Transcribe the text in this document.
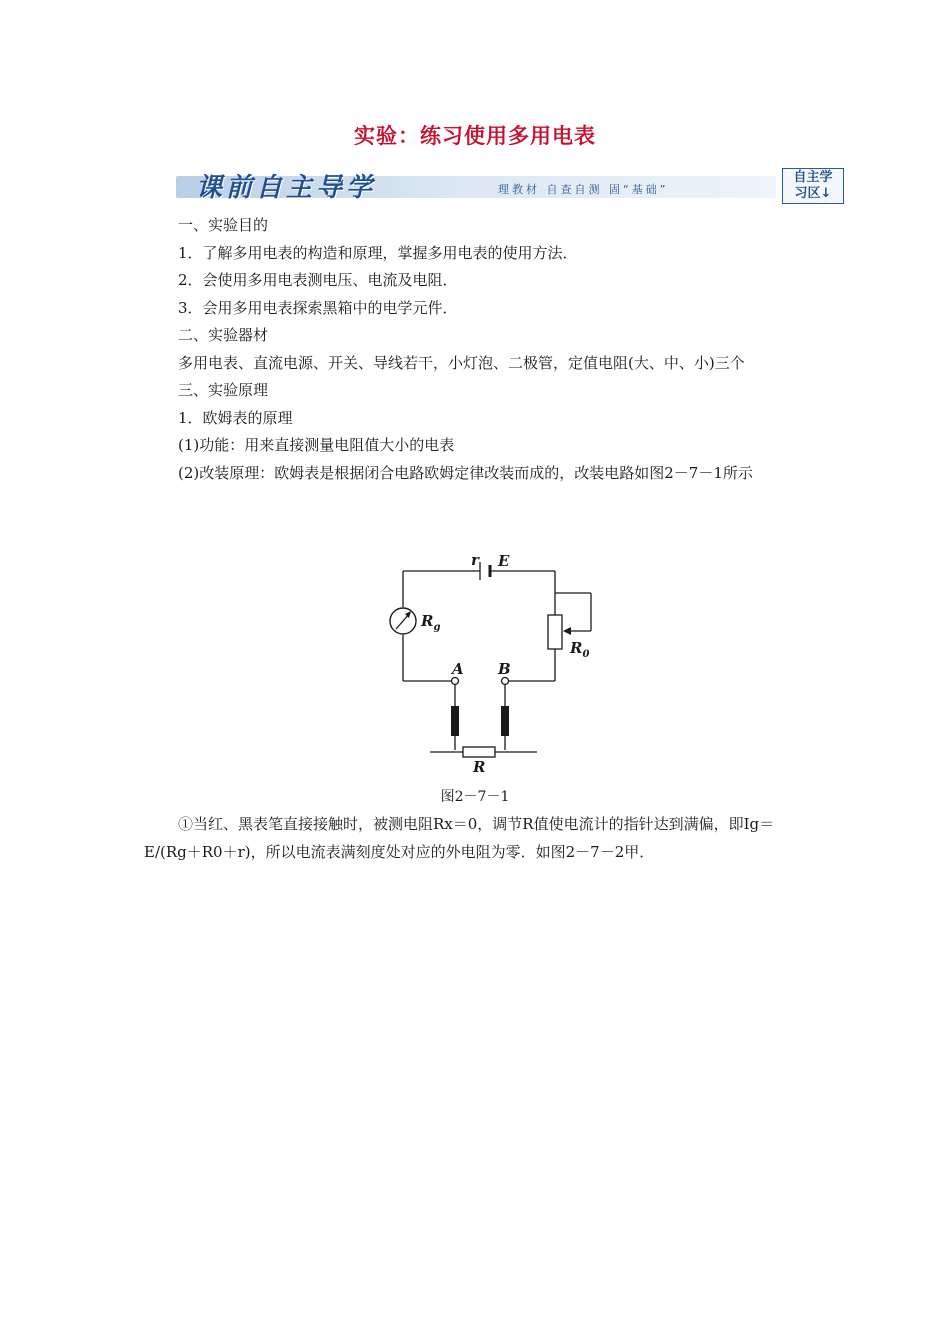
实验：练习使用多用电表
课前自主导学	理教材 自查自测 固“基础”
自主学
习区↓

一、实验目的

1．了解多用电表的构造和原理，掌握多用电表的使用方法．

2．会使用多用电表测电压、电流及电阻．

3．会用多用电表探索黑箱中的电学元件．

二、实验器材

多用电表、直流电源、开关、导线若干，小灯泡、二极管，定值电阻(大、中、小)三个

三、实验原理

1．欧姆表的原理

(1)功能：用来直接测量电阻值大小的电表

(2)改装原理：欧姆表是根据闭合电路欧姆定律改装而成的，改装电路如图2－7－1所示

r E
$R_g$
$R_0$
A B
R
图2－7－1

①当红、黑表笔直接接触时，被测电阻Rx＝0，调节R值使电流计的指针达到满偏，即Ig＝E/(Rg＋R0＋r)，所以电流表满刻度处对应的外电阻为零．如图2－7－2甲．
